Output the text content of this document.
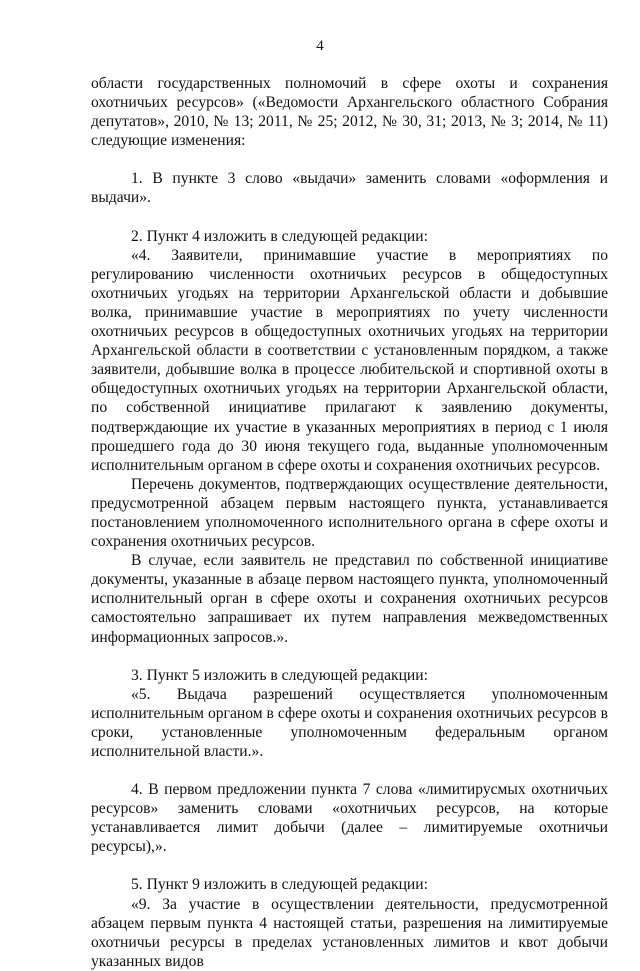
4

области государственных полномочий в сфере охоты и сохранения охотничьих ресурсов» («Ведомости Архангельского областного Собрания депутатов», 2010, № 13; 2011, № 25; 2012, № 30, 31; 2013, № 3; 2014, № 11) следующие изменения:

1. В пункте 3 слово «выдачи» заменить словами «оформления и выдачи».

2. Пункт 4 изложить в следующей редакции:

«4. Заявители, принимавшие участие в мероприятиях по регулированию численности охотничьих ресурсов в общедоступных охотничьих угодьях на территории Архангельской области и добывшие волка, принимавшие участие в мероприятиях по учету численности охотничьих ресурсов в общедоступных охотничьих угодьях на территории Архангельской области в соответствии с установленным порядком, а также заявители, добывшие волка в процессе любительской и спортивной охоты в общедоступных охотничьих угодьях на территории Архангельской области, по собственной инициативе прилагают к заявлению документы, подтверждающие их участие в указанных мероприятиях в период с 1 июля прошедшего года до 30 июня текущего года, выданные уполномоченным исполнительным органом в сфере охоты и сохранения охотничьих ресурсов.

Перечень документов, подтверждающих осуществление деятельности, предусмотренной абзацем первым настоящего пункта, устанавливается постановлением уполномоченного исполнительного органа в сфере охоты и сохранения охотничьих ресурсов.

В случае, если заявитель не представил по собственной инициативе документы, указанные в абзаце первом настоящего пункта, уполномоченный исполнительный орган в сфере охоты и сохранения охотничьих ресурсов самостоятельно запрашивает их путем направления межведомственных информационных запросов.».

3. Пункт 5 изложить в следующей редакции:

«5. Выдача разрешений осуществляется уполномоченным исполнительным органом в сфере охоты и сохранения охотничьих ресурсов в сроки, установленные уполномоченным федеральным органом исполнительной власти.».

4. В первом предложении пункта 7 слова «лимитирусмых охотничьих ресурсов» заменить словами «охотничьих ресурсов, на которые устанавливается лимит добычи (далее – лимитируемые охотничьи ресурсы),».

5. Пункт 9 изложить в следующей редакции:

«9. За участие в осуществлении деятельности, предусмотренной абзацем первым пункта 4 настоящей статьи, разрешения на лимитируемые охотничьи ресурсы в пределах установленных лимитов и квот добычи указанных видов
